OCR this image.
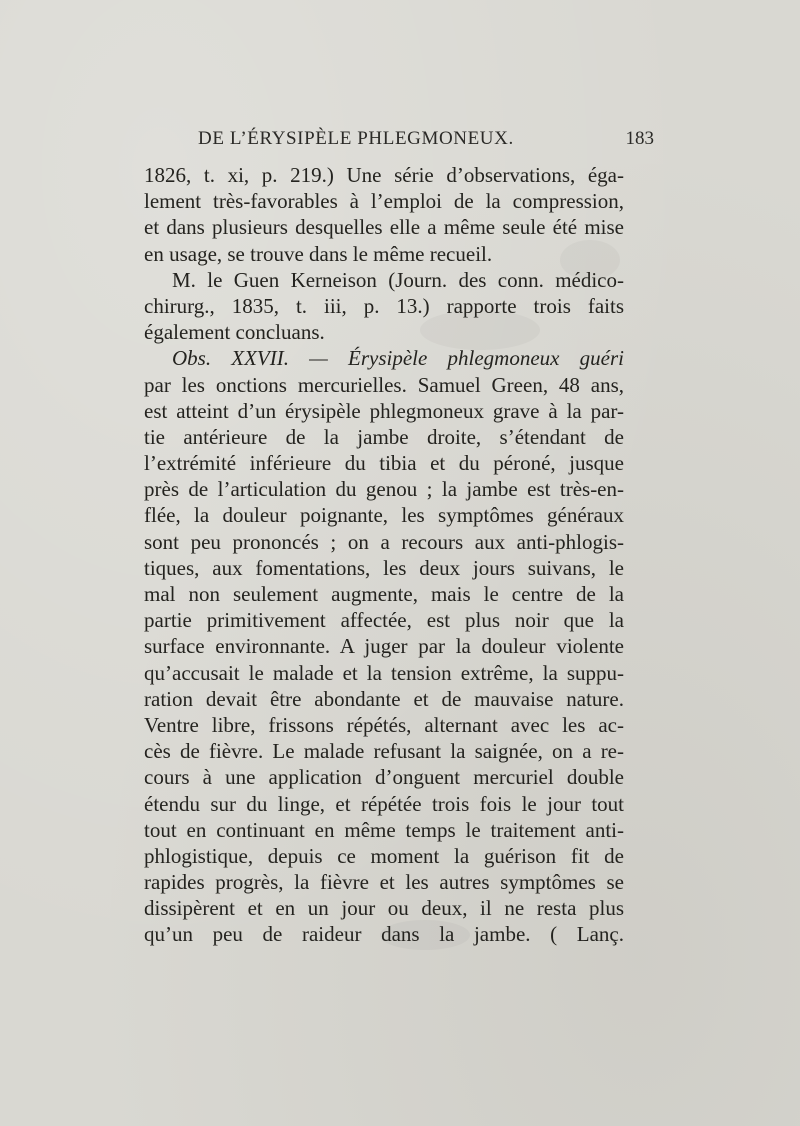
DE L’ÉRYSIPÈLE PHLEGMONEUX.	183
1826, t. xi, p. 219.) Une série d’observations, éga-
lement très-favorables à l’emploi de la compression,
et dans plusieurs desquelles elle a même seule été mise
en usage, se trouve dans le même recueil.
M. le Guen Kerneison (Journ. des conn. médico-
chirurg., 1835, t. iii, p. 13.) rapporte trois faits
également concluans.
Obs. XXVII. — Érysipèle phlegmoneux guéri
par les onctions mercurielles. Samuel Green, 48 ans,
est atteint d’un érysipèle phlegmoneux grave à la par-
tie antérieure de la jambe droite, s’étendant de
l’extrémité inférieure du tibia et du péroné, jusque
près de l’articulation du genou ; la jambe est très-en-
flée, la douleur poignante, les symptômes généraux
sont peu prononcés ; on a recours aux anti-phlogis-
tiques, aux fomentations, les deux jours suivans, le
mal non seulement augmente, mais le centre de la
partie primitivement affectée, est plus noir que la
surface environnante. A juger par la douleur violente
qu’accusait le malade et la tension extrême, la suppu-
ration devait être abondante et de mauvaise nature.
Ventre libre, frissons répétés, alternant avec les ac-
cès de fièvre. Le malade refusant la saignée, on a re-
cours à une application d’onguent mercuriel double
étendu sur du linge, et répétée trois fois le jour tout
tout en continuant en même temps le traitement anti-
phlogistique, depuis ce moment la guérison fit de
rapides progrès, la fièvre et les autres symptômes se
dissipèrent et en un jour ou deux, il ne resta plus
qu’un peu de raideur dans la jambe. ( Lanç.
